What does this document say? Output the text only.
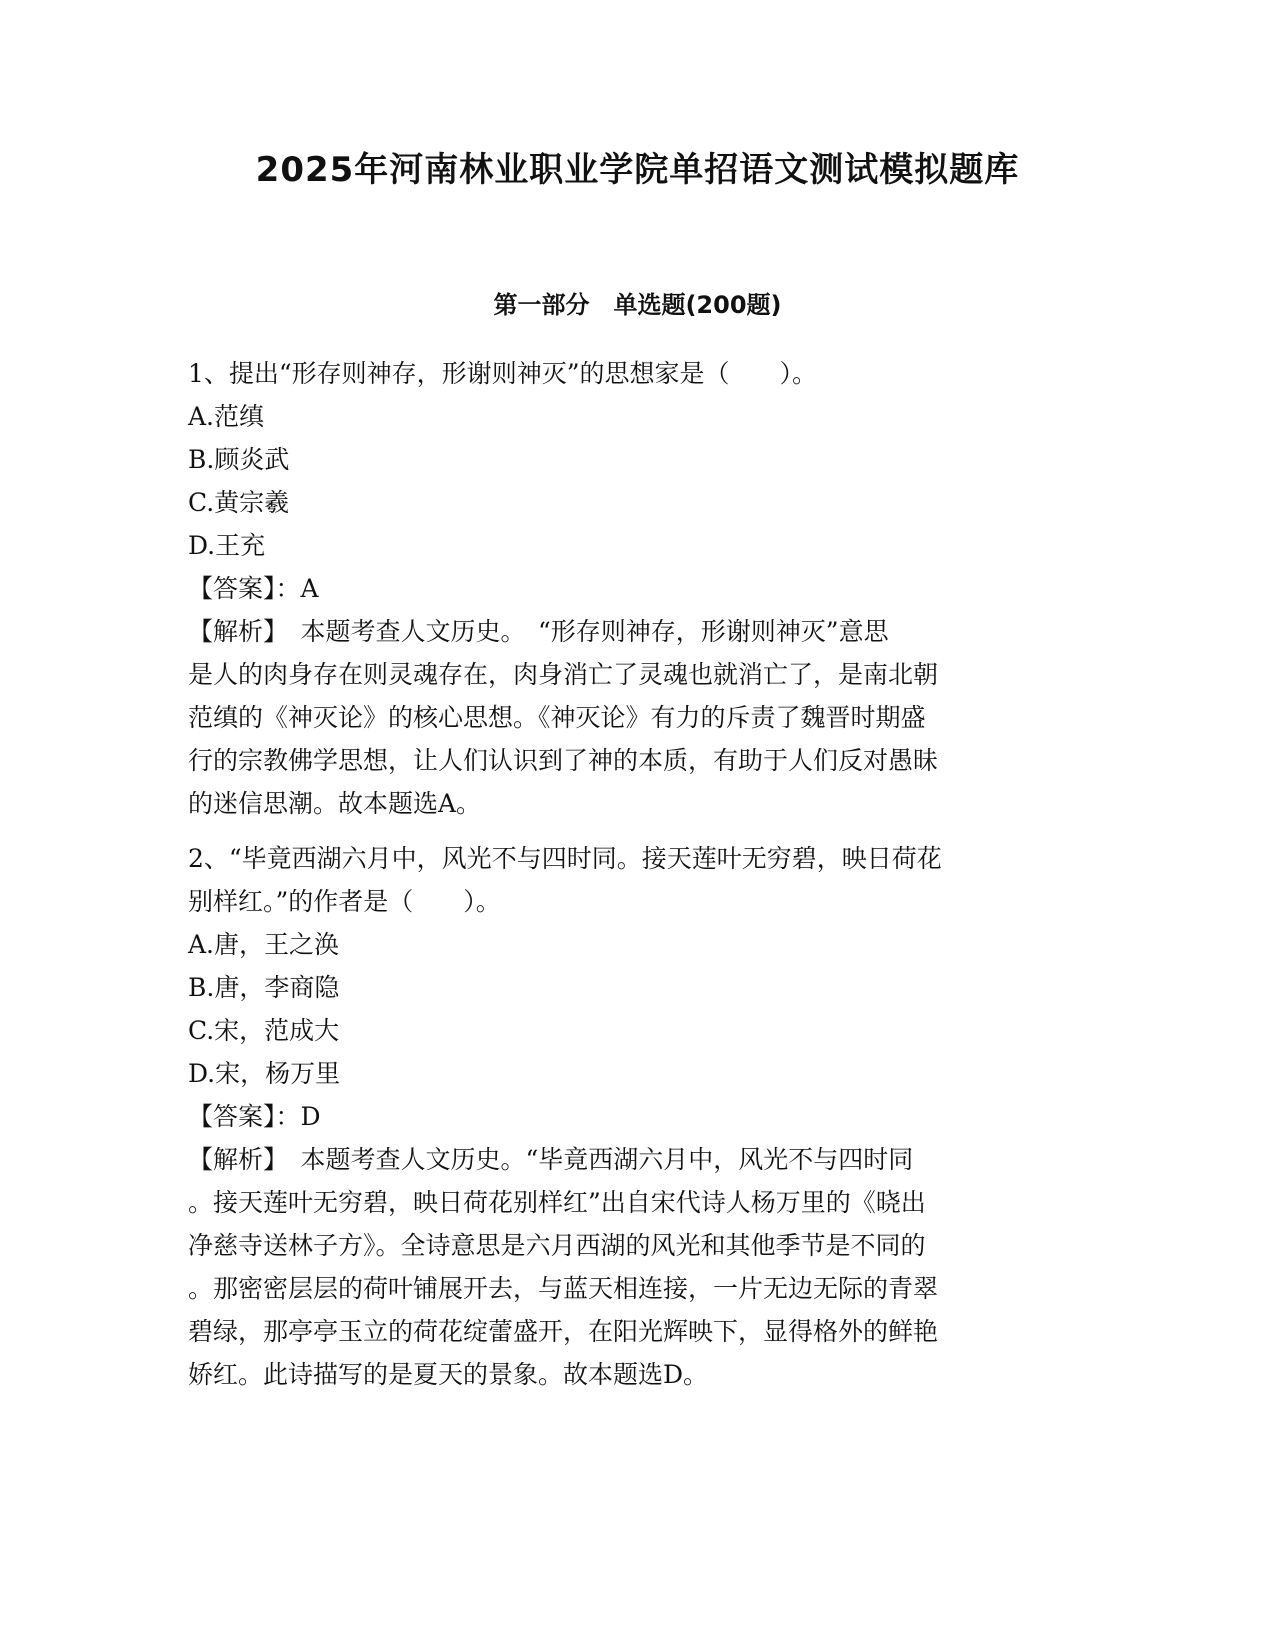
2025年河南林业职业学院单招语文测试模拟题库
第一部分　单选题(200题)

1、提出“形存则神存，形谢则神灭”的思想家是（　　）。

A.范缜

B.顾炎武

C.黄宗羲

D.王充

【答案】：A

【解析】　本题考查人文历史。　“形存则神存，形谢则神灭”意思

是人的肉身存在则灵魂存在，肉身消亡了灵魂也就消亡了，是南北朝

范缜的《神灭论》的核心思想。《神灭论》有力的斥责了魏晋时期盛

行的宗教佛学思想，让人们认识到了神的本质，有助于人们反对愚昧

的迷信思潮。故本题选A。

2、“毕竟西湖六月中，风光不与四时同。接天莲叶无穷碧，映日荷花

别样红。”的作者是（　　）。

A.唐，王之涣

B.唐，李商隐

C.宋，范成大

D.宋，杨万里

【答案】：D

【解析】　本题考查人文历史。“毕竟西湖六月中，风光不与四时同

。接天莲叶无穷碧，映日荷花别样红”出自宋代诗人杨万里的《晓出

净慈寺送林子方》。全诗意思是六月西湖的风光和其他季节是不同的

。那密密层层的荷叶铺展开去，与蓝天相连接，一片无边无际的青翠

碧绿，那亭亭玉立的荷花绽蕾盛开，在阳光辉映下，显得格外的鲜艳

娇红。此诗描写的是夏天的景象。故本题选D。
